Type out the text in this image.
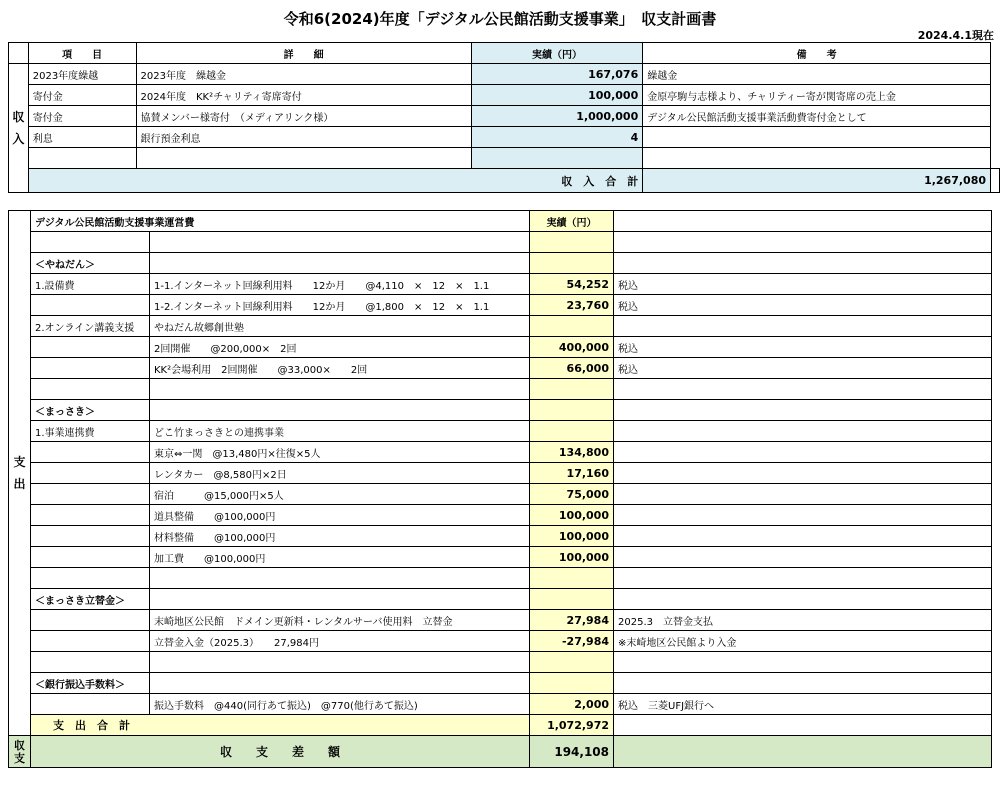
令和6(2024)年度「デジタル公民館活動支援事業」　収支計画書
2024.4.1現在
	項　　目	詳　　細	実績（円）	備　　考	
収入	2023年度繰越	2023年度　繰越金	167,076	繰越金	
	寄付金	2024年度　KK²チャリティ寄席寄付	100,000	金原亭駒与志様より、チャリティー寄が関寄席の売上金	
	寄付金	協賛メンバー様寄付　（メディアリンク様）	1,000,000	デジタル公民館活動支援事業活動費寄付金として	
	利息	銀行預金利息	4		

			収　入　合　計	1,267,080	
支出	デジタル公民館活動支援事業運営費		実績（円）	

	＜やねだん＞			
	1.設備費	1-1.インターネット回線利用料　　12か月　　@4,110　×　12　×　1.1	54,252	税込
		1-2.インターネット回線利用料　　12か月　　@1,800　×　12　×　1.1	23,760	税込
	2.オンライン講義支援	やねだん故郷創世塾		
		2回開催　　@200,000×　2回	400,000	税込
		KK²会場利用　2回開催　　@33,000×　　2回	66,000	税込

	＜まっさき＞			
	1.事業連携費	どこ竹まっさきとの連携事業		
		東京⇔一関　@13,480円×往復×5人	134,800	
		レンタカー　@8,580円×2日	17,160	
		宿泊　　　@15,000円×5人	75,000	
		道具整備　　@100,000円	100,000	
		材料整備　　@100,000円	100,000	
		加工費　　@100,000円	100,000	

	＜まっさき立替金＞			
		末崎地区公民館　ドメイン更新料・レンタルサーバ使用料　立替金	27,984	2025.3　立替金支払
		立替金入金（2025.3）　　27,984円	-27,984	※末崎地区公民館より入金

	＜銀行振込手数料＞			
		振込手数料　@440(同行あて振込)　@770(他行あて振込)	2,000	税込　三菱UFJ銀行へ
	支　出　合　計		1,072,972	
収支	収　　支　　差　　額		194,108	
